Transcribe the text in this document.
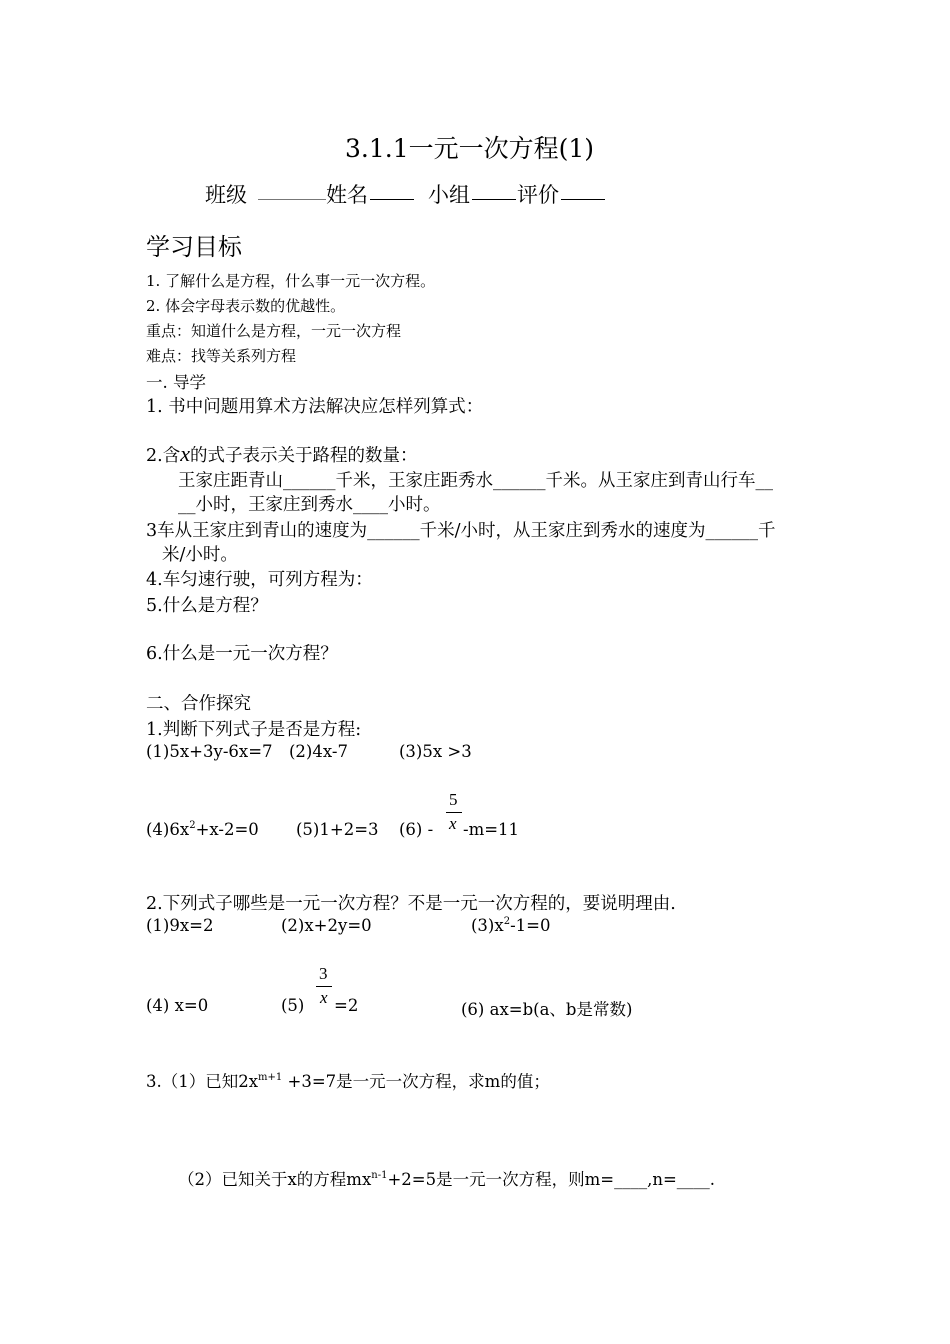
3.1.1一元一次方程(1)
班级	姓名	小组 评价
学习目标
1. 了解什么是方程，什么事一元一次方程。
2. 体会字母表示数的优越性。
重点：知道什么是方程，一元一次方程
难点：找等关系列方程
一. 导学
1. 书中问题用算术方法解决应怎样列算式：
2.含x的式子表示关于路程的数量：
王家庄距青山______千米，王家庄距秀水______千米。从王家庄到青山行车__
__小时，王家庄到秀水____小时。
3车从王家庄到青山的速度为______千米/小时，从王家庄到秀水的速度为______千
米/小时。
4.车匀速行驶，可列方程为：
5.什么是方程？
6.什么是一元一次方程？
二、合作探究
1.判断下列式子是否是方程:
(1)5x+3y-6x=7 (2)4x-7	(3)5x >3
$(4)6x^2+x-2=0$ (5)1+2=3 (6) -
5
x -m=11
2.下列式子哪些是一元一次方程？不是一元一次方程的，要说明理由.
(1)9x=2	(2)x+2y=0	$(3)x^2-1=0$
(4) x=0	(5)
3
x =2	(6) ax=b(a、b是常数)
3.（1）已知$2x^{m+1} +3=7$是一元一次方程，求m的值；
（2）已知关于x的方程$mx^{n-1}+2=5$是一元一次方程，则m=____,n=____.
